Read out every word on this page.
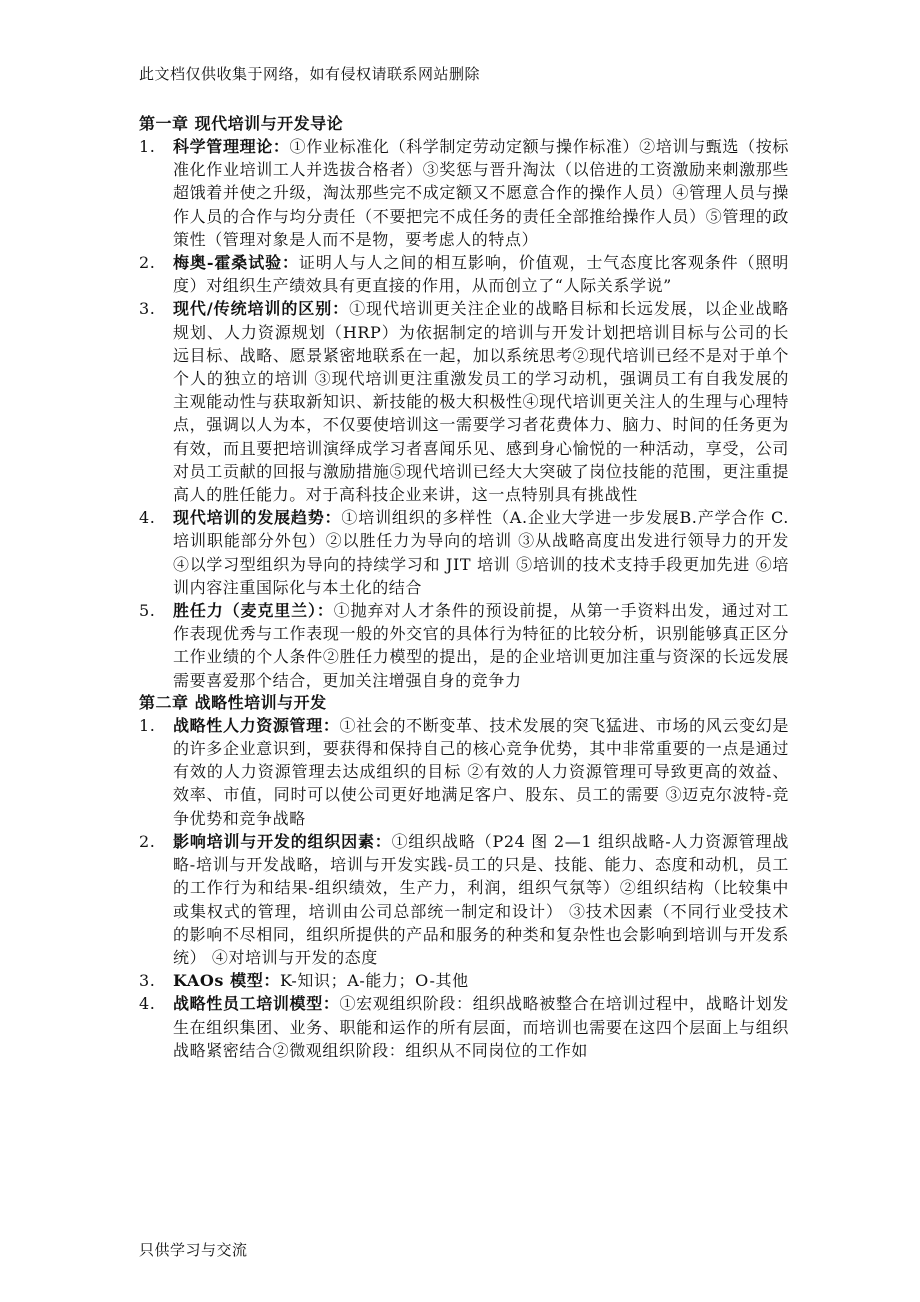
此文档仅供收集于网络，如有侵权请联系网站删除
第一章 现代培训与开发导论
1.	科学管理理论：①作业标准化（科学制定劳动定额与操作标准）②培训与甄选（按标准化作业培训工人并选拔合格者）③奖惩与晋升淘汰（以倍进的工资激励来刺激那些超饿着并使之升级，淘汰那些完不成定额又不愿意合作的操作人员）④管理人员与操作人员的合作与均分责任（不要把完不成任务的责任全部推给操作人员）⑤管理的政策性（管理对象是人而不是物，要考虑人的特点）
2.	梅奥-霍桑试验：证明人与人之间的相互影响，价值观，士气态度比客观条件（照明度）对组织生产绩效具有更直接的作用，从而创立了“人际关系学说”
3.	现代/传统培训的区别：①现代培训更关注企业的战略目标和长远发展，以企业战略规划、人力资源规划（HRP）为依据制定的培训与开发计划把培训目标与公司的长远目标、战略、愿景紧密地联系在一起，加以系统思考②现代培训已经不是对于单个个人的独立的培训 ③现代培训更注重激发员工的学习动机，强调员工有自我发展的主观能动性与获取新知识、新技能的极大积极性④现代培训更关注人的生理与心理特点，强调以人为本，不仅要使培训这一需要学习者花费体力、脑力、时间的任务更为有效，而且要把培训演绎成学习者喜闻乐见、感到身心愉悦的一种活动，享受，公司对员工贡献的回报与激励措施⑤现代培训已经大大突破了岗位技能的范围，更注重提高人的胜任能力。对于高科技企业来讲，这一点特别具有挑战性
4.	现代培训的发展趋势：①培训组织的多样性（A.企业大学进一步发展B.产学合作 C.培训职能部分外包）②以胜任力为导向的培训 ③从战略高度出发进行领导力的开发 ④以学习型组织为导向的持续学习和 JIT 培训 ⑤培训的技术支持手段更加先进 ⑥培训内容注重国际化与本土化的结合
5.	胜任力（麦克里兰）：①抛弃对人才条件的预设前提，从第一手资料出发，通过对工作表现优秀与工作表现一般的外交官的具体行为特征的比较分析，识别能够真正区分工作业绩的个人条件②胜任力模型的提出，是的企业培训更加注重与资深的长远发展需要喜爱那个结合，更加关注增强自身的竞争力
第二章 战略性培训与开发
1.	战略性人力资源管理：①社会的不断变革、技术发展的突飞猛进、市场的风云变幻是的许多企业意识到，要获得和保持自己的核心竞争优势，其中非常重要的一点是通过有效的人力资源管理去达成组织的目标 ②有效的人力资源管理可导致更高的效益、效率、市值，同时可以使公司更好地满足客户、股东、员工的需要 ③迈克尔波特-竞争优势和竞争战略
2.	影响培训与开发的组织因素：①组织战略（P24 图 2—1 组织战略-人力资源管理战略-培训与开发战略，培训与开发实践-员工的只是、技能、能力、态度和动机，员工的工作行为和结果-组织绩效，生产力，利润，组织气氛等）②组织结构（比较集中或集权式的管理，培训由公司总部统一制定和设计） ③技术因素（不同行业受技术的影响不尽相同，组织所提供的产品和服务的种类和复杂性也会影响到培训与开发系统） ④对培训与开发的态度
3.	KAOs 模型：K-知识；A-能力；O-其他
4.	战略性员工培训模型：①宏观组织阶段：组织战略被整合在培训过程中，战略计划发生在组织集团、业务、职能和运作的所有层面，而培训也需要在这四个层面上与组织战略紧密结合②微观组织阶段：组织从不同岗位的工作如
只供学习与交流
